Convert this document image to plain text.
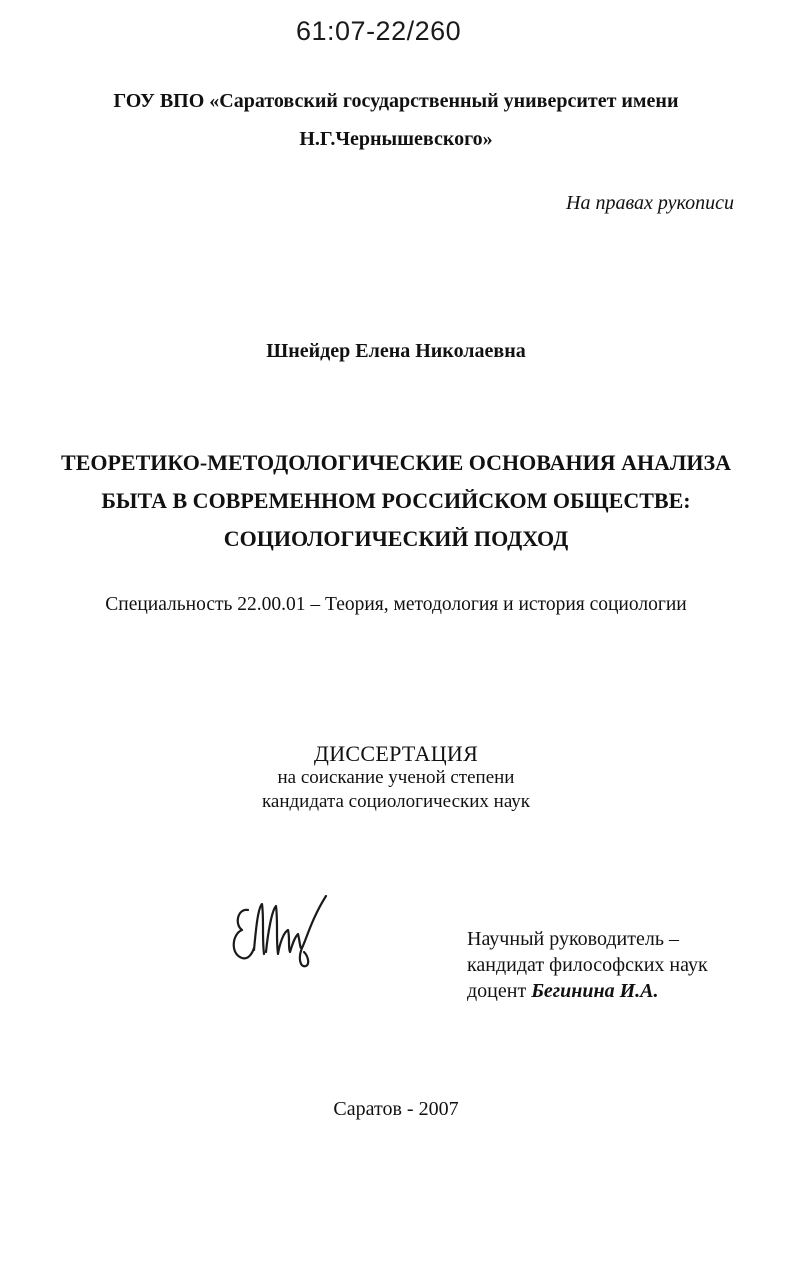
61:07-22/260
ГОУ ВПО «Саратовский государственный университет имени
Н.Г.Чернышевского»
На правах рукописи
Шнейдер Елена Николаевна
ТЕОРЕТИКО-МЕТОДОЛОГИЧЕСКИЕ ОСНОВАНИЯ АНАЛИЗА
БЫТА В СОВРЕМЕННОМ РОССИЙСКОМ ОБЩЕСТВЕ:
СОЦИОЛОГИЧЕСКИЙ ПОДХОД
Специальность 22.00.01 – Теория, методология и история социологии
ДИССЕРТАЦИЯ
на соискание ученой степени
кандидата социологических наук
Научный руководитель –
кандидат философских наук
доцент Бегинина И.А.
Саратов - 2007
